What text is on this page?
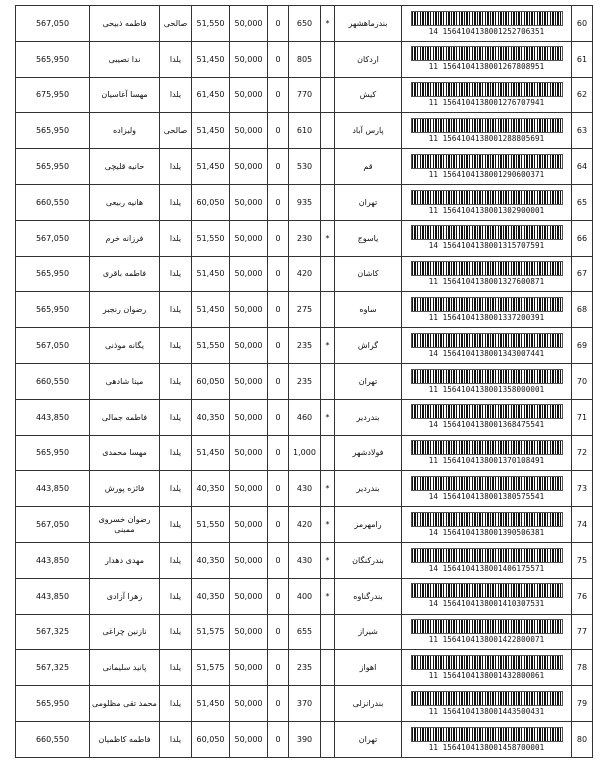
60	1564104138001252706351 14	بندرماهشهر	*	650	0	50,000	51,550	صالحی	فاطمه ذبیحی	567,050
61	1564104138001267808951 11	اردکان		805	0	50,000	51,450	یلدا	ندا نصیبی	565,950
62	1564104138001276707941 11	کیش		770	0	50,000	61,450	یلدا	مهسا آغاسیان	675,950
63	1564104138001288805691 11	پارس آباد		610	0	50,000	51,450	صالحی	ولیزاده	565,950
64	1564104138001290600371 11	قم		530	0	50,000	51,450	یلدا	حانیه قلیچی	565,950
65	1564104138001302900001 11	تهران		935	0	50,000	60,050	یلدا	هانیه ربیعی	660,550
66	1564104138001315707591 14	یاسوج	*	230	0	50,000	51,550	یلدا	فرزانه خرم	567,050
67	1564104138001327600871 11	کاشان		420	0	50,000	51,450	یلدا	فاطمه باقری	565,950
68	1564104138001337200391 11	ساوه		275	0	50,000	51,450	یلدا	رضوان رنجبر	565,950
69	1564104138001343007441 14	گراش	*	235	0	50,000	51,550	یلدا	یگانه موذنی	567,050
70	1564104138001358000001 11	تهران		235	0	50,000	60,050	یلدا	مینا شادهی	660,550
71	1564104138001368475541 14	بندردیر	*	460	0	50,000	40,350	یلدا	فاطمه جمالی	443,850
72	1564104138001370108491 11	فولادشهر		1,000	0	50,000	51,450	یلدا	مهسا محمدی	565,950
73	1564104138001380575541 14	بندردیر	*	430	0	50,000	40,350	یلدا	فائزه پورش	443,850
74	1564104138001390506381 14	رامهرمز	*	420	0	50,000	51,550	یلدا	رضوان خسروی ممبنی	567,050
75	1564104138001406175571 14	بندرکنگان	*	430	0	50,000	40,350	یلدا	مهدی دهدار	443,850
76	1564104138001410307531 14	بندرگناوه	*	400	0	50,000	40,350	یلدا	زهرا آزادی	443,850
77	1564104138001422800071 11	شیراز		655	0	50,000	51,575	یلدا	نازنین چراغی	567,325
78	1564104138001432800061 11	اهواز		235	0	50,000	51,575	یلدا	پانید سلیمانی	567,325
79	1564104138001443500431 11	بندرانزلی		370	0	50,000	51,450	یلدا	محمد تقی مظلومی	565,950
80	1564104138001458700001 11	تهران		390	0	50,000	60,050	یلدا	فاطمه کاظمیان	660,550
